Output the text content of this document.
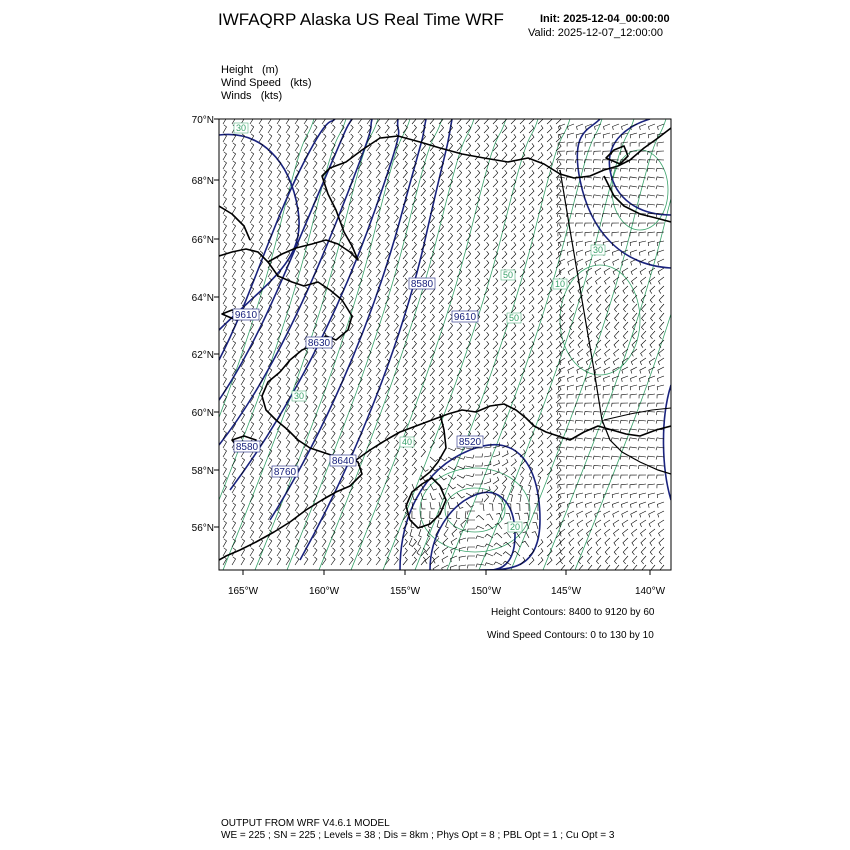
IWFAQRP Alaska US Real Time WRF	Init: 2025-12-04_00:00:00
Valid: 2025-12-07_12:00:00
Height (m)
Wind Speed (kts)
Winds (kts)
70°N
68°N
66°N
64°N
62°N
60°N
58°N
56°N
165°W	160°W	155°W	150°W	145°W	140°W
8580
9610	9610
8630
8520
8580
8760
8640
30
50
50
10
30
30
40
20
Height Contours: 8400 to 9120 by 60
Wind Speed Contours: 0 to 130 by 10
OUTPUT FROM WRF V4.6.1 MODEL
WE = 225 ; SN = 225 ; Levels = 38 ; Dis = 8km ; Phys Opt = 8 ; PBL Opt = 1 ; Cu Opt = 3
